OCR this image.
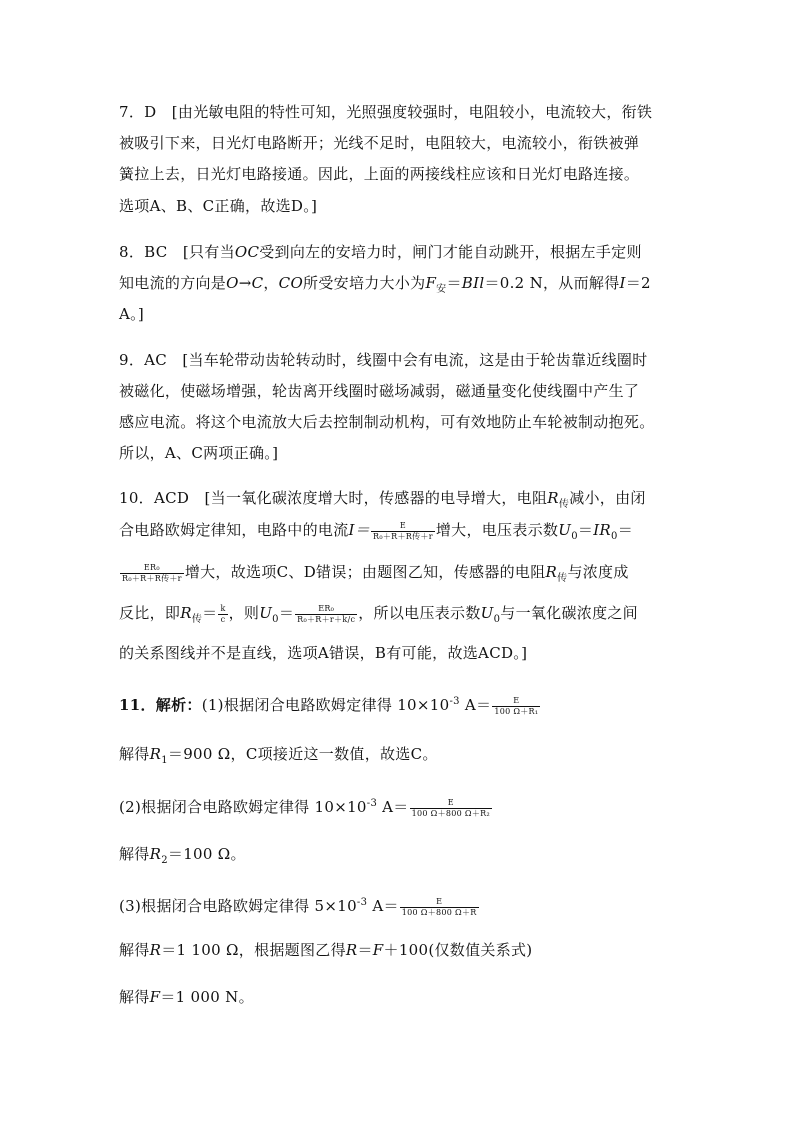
7．D　[由光敏电阻的特性可知，光照强度较强时，电阻较小，电流较大，衔铁
被吸引下来，日光灯电路断开；光线不足时，电阻较大，电流较小，衔铁被弹
簧拉上去，日光灯电路接通。因此，上面的两接线柱应该和日光灯电路连接。
选项A、B、C正确，故选D。]
8．BC　[只有当OC受到向左的安培力时，闸门才能自动跳开，根据左手定则
知电流的方向是O→C，CO所受安培力大小为$F_安=BIl=0.2$ N，从而解得I＝2
A。]
9．AC　[当车轮带动齿轮转动时，线圈中会有电流，这是由于轮齿靠近线圈时
被磁化，使磁场增强，轮齿离开线圈时磁场减弱，磁通量变化使线圈中产生了
感应电流。将这个电流放大后去控制制动机构，可有效地防止车轮被制动抱死。
所以，A、C两项正确。]
10．ACD　[当一氧化碳浓度增大时，传感器的电导增大，电阻$R_传$减小，由闭
合电路欧姆定律知，电路中的电流$I= \frac{E}{\text{R₀＋R＋R传＋r}}$ 增大，电压表示数$U_0=IR_0=$
$\frac{\text{ER₀}}{\text{R₀＋R＋R传＋r}}$ 增大，故选项C、D错误；由题图乙知，传感器的电阻$R_传$与浓度成
反比，即$R_传= \frac{k}{c}$ ，则$U_0= \frac{\text{ER₀}}{\text{R₀＋R＋r＋k/c}}$ ，所以电压表示数$U_0$与一氧化碳浓度之间
的关系图线并不是直线，选项A错误，B有可能，故选ACD。]
11．解析：(1)根据闭合电路欧姆定律得 $10\times 10^{-3}$ $A= \frac{E}{\text{100 Ω＋R₁}}$
解得$R_1=900$ Ω，C项接近这一数值，故选C。
(2)根据闭合电路欧姆定律得 $10\times 10^{-3}$ $A= \frac{E}{\text{100 Ω＋800 Ω＋R₂}}$
解得$R_2=100$ Ω。
(3)根据闭合电路欧姆定律得 $5\times 10^{-3}$ $A= \frac{E}{100 \Omega+800 \Omega+R}$
解得R＝1 100 Ω，根据题图乙得R＝F＋100(仅数值关系式)
解得F＝1 000 N。
